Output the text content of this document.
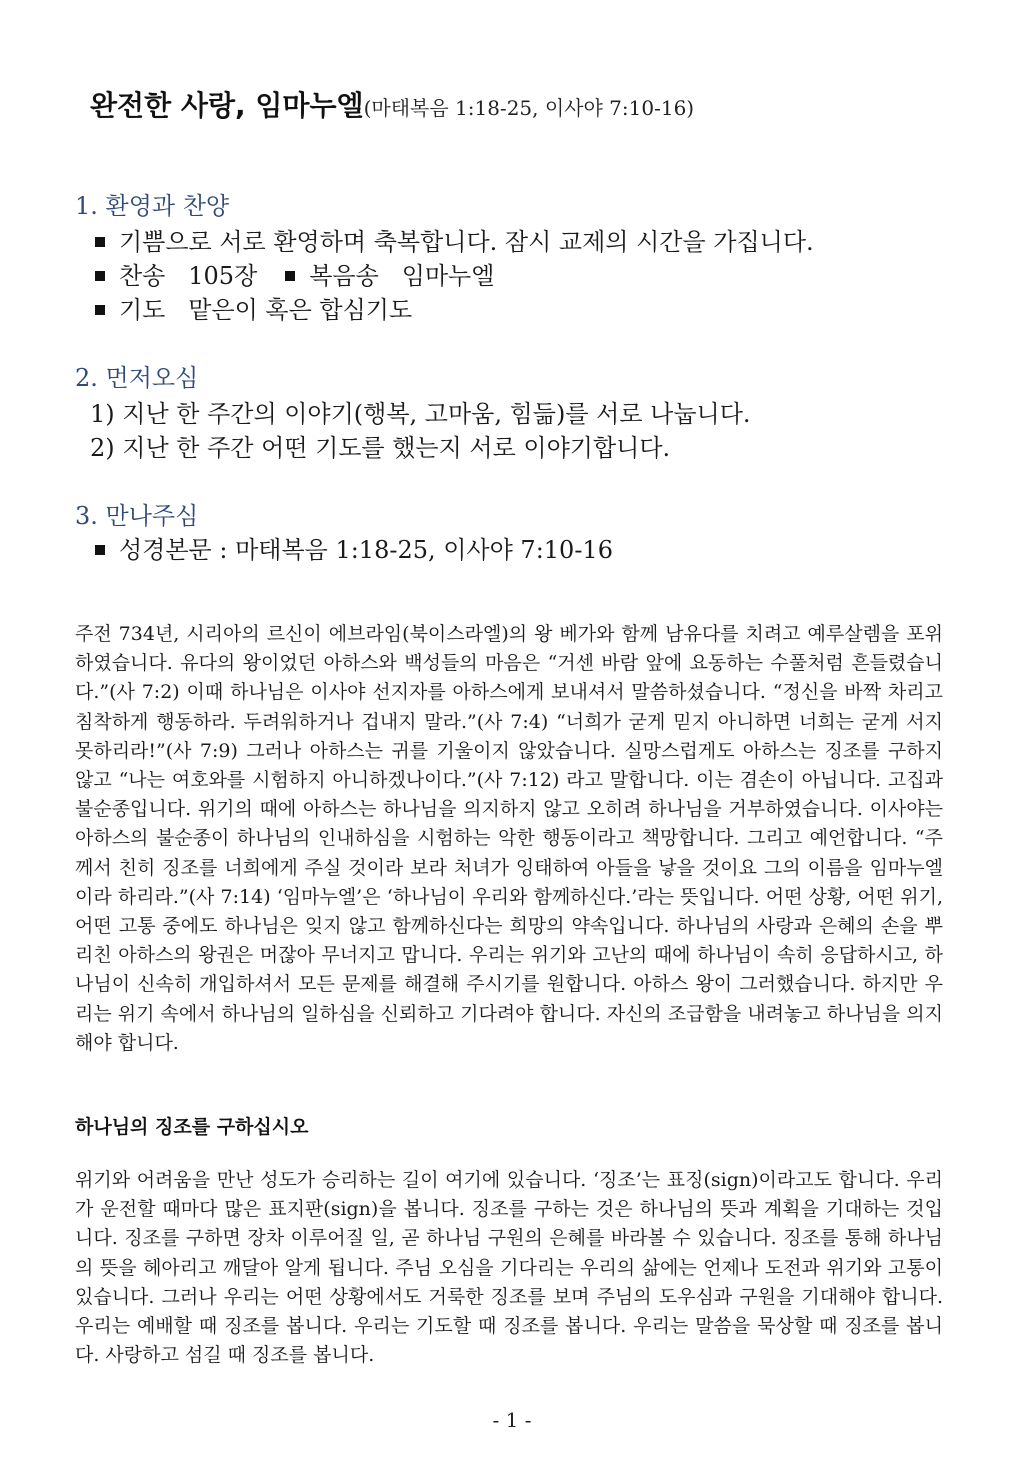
완전한 사랑, 임마누엘(마태복음 1:18-25, 이사야 7:10-16)
1. 환영과 찬양
기쁨으로 서로 환영하며 축복합니다. 잠시 교제의 시간을 가집니다.
찬송   105장 복음송   임마누엘
기도   맡은이 혹은 합심기도
2. 먼저오심
1) 지난 한 주간의 이야기(행복, 고마움, 힘듦)를 서로 나눕니다.
2) 지난 한 주간 어떤 기도를 했는지 서로 이야기합니다.
3. 만나주심
성경본문 : 마태복음 1:18-25, 이사야 7:10-16

주전 734년, 시리아의 르신이 에브라임(북이스라엘)의 왕 베가와 함께 남유다를 치려고 예루살렘을 포위하였습니다. 유다의 왕이었던 아하스와 백성들의 마음은 “거센 바람 앞에 요동하는 수풀처럼 흔들렸습니다.”(사 7:2) 이때 하나님은 이사야 선지자를 아하스에게 보내셔서 말씀하셨습니다. “정신을 바짝 차리고 침착하게 행동하라. 두려워하거나 겁내지 말라.”(사 7:4) “너희가 굳게 믿지 아니하면 너희는 굳게 서지 못하리라!”(사 7:9) 그러나 아하스는 귀를 기울이지 않았습니다. 실망스럽게도 아하스는 징조를 구하지 않고 “나는 여호와를 시험하지 아니하겠나이다.”(사 7:12) 라고 말합니다. 이는 겸손이 아닙니다. 고집과 불순종입니다. 위기의 때에 아하스는 하나님을 의지하지 않고 오히려 하나님을 거부하였습니다. 이사야는 아하스의 불순종이 하나님의 인내하심을 시험하는 악한 행동이라고 책망합니다. 그리고 예언합니다. “주께서 친히 징조를 너희에게 주실 것이라 보라 처녀가 잉태하여 아들을 낳을 것이요 그의 이름을 임마누엘이라 하리라.”(사 7:14) ‘임마누엘’은 ‘하나님이 우리와 함께하신다.’라는 뜻입니다. 어떤 상황, 어떤 위기, 어떤 고통 중에도 하나님은 잊지 않고 함께하신다는 희망의 약속입니다. 하나님의 사랑과 은혜의 손을 뿌리친 아하스의 왕권은 머잖아 무너지고 맙니다. 우리는 위기와 고난의 때에 하나님이 속히 응답하시고, 하나님이 신속히 개입하셔서 모든 문제를 해결해 주시기를 원합니다. 아하스 왕이 그러했습니다. 하지만 우리는 위기 속에서 하나님의 일하심을 신뢰하고 기다려야 합니다. 자신의 조급함을 내려놓고 하나님을 의지해야 합니다.

하나님의 징조를 구하십시오

위기와 어려움을 만난 성도가 승리하는 길이 여기에 있습니다. ‘징조’는 표징(sign)이라고도 합니다. 우리가 운전할 때마다 많은 표지판(sign)을 봅니다. 징조를 구하는 것은 하나님의 뜻과 계획을 기대하는 것입니다. 징조를 구하면 장차 이루어질 일, 곧 하나님 구원의 은혜를 바라볼 수 있습니다. 징조를 통해 하나님의 뜻을 헤아리고 깨달아 알게 됩니다. 주님 오심을 기다리는 우리의 삶에는 언제나 도전과 위기와 고통이 있습니다. 그러나 우리는 어떤 상황에서도 거룩한 징조를 보며 주님의 도우심과 구원을 기대해야 합니다. 우리는 예배할 때 징조를 봅니다. 우리는 기도할 때 징조를 봅니다. 우리는 말씀을 묵상할 때 징조를 봅니다. 사랑하고 섬길 때 징조를 봅니다.

- 1 -
